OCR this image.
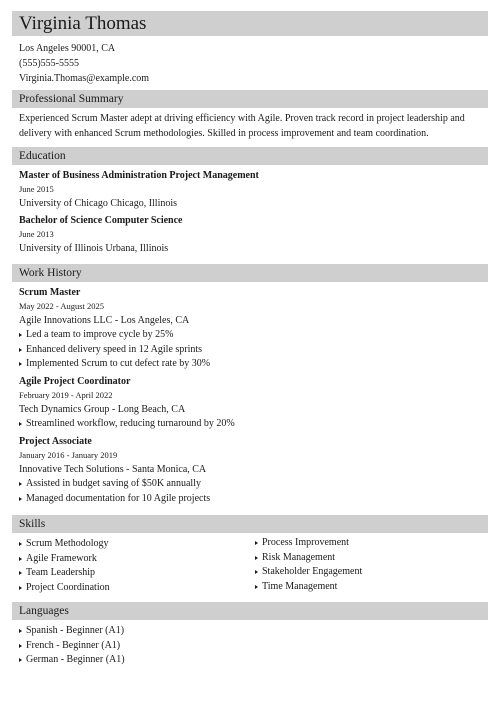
Virginia Thomas
Los Angeles 90001, CA
(555)555-5555
Virginia.Thomas@example.com
Professional Summary
Experienced Scrum Master adept at driving efficiency with Agile. Proven track record in project leadership and delivery with enhanced Scrum methodologies. Skilled in process improvement and team coordination.
Education
Master of Business Administration Project Management
June 2015
University of Chicago Chicago, Illinois
Bachelor of Science Computer Science
June 2013
University of Illinois Urbana, Illinois
Work History
Scrum Master
May 2022 - August 2025
Agile Innovations LLC - Los Angeles, CA
Led a team to improve cycle by 25%
Enhanced delivery speed in 12 Agile sprints
Implemented Scrum to cut defect rate by 30%
Agile Project Coordinator
February 2019 - April 2022
Tech Dynamics Group - Long Beach, CA
Streamlined workflow, reducing turnaround by 20%
Project Associate
January 2016 - January 2019
Innovative Tech Solutions - Santa Monica, CA
Assisted in budget saving of $50K annually
Managed documentation for 10 Agile projects
Skills
Scrum Methodology
Agile Framework
Team Leadership
Project Coordination
Process Improvement
Risk Management
Stakeholder Engagement
Time Management
Languages
Spanish - Beginner (A1)
French - Beginner (A1)
German - Beginner (A1)
